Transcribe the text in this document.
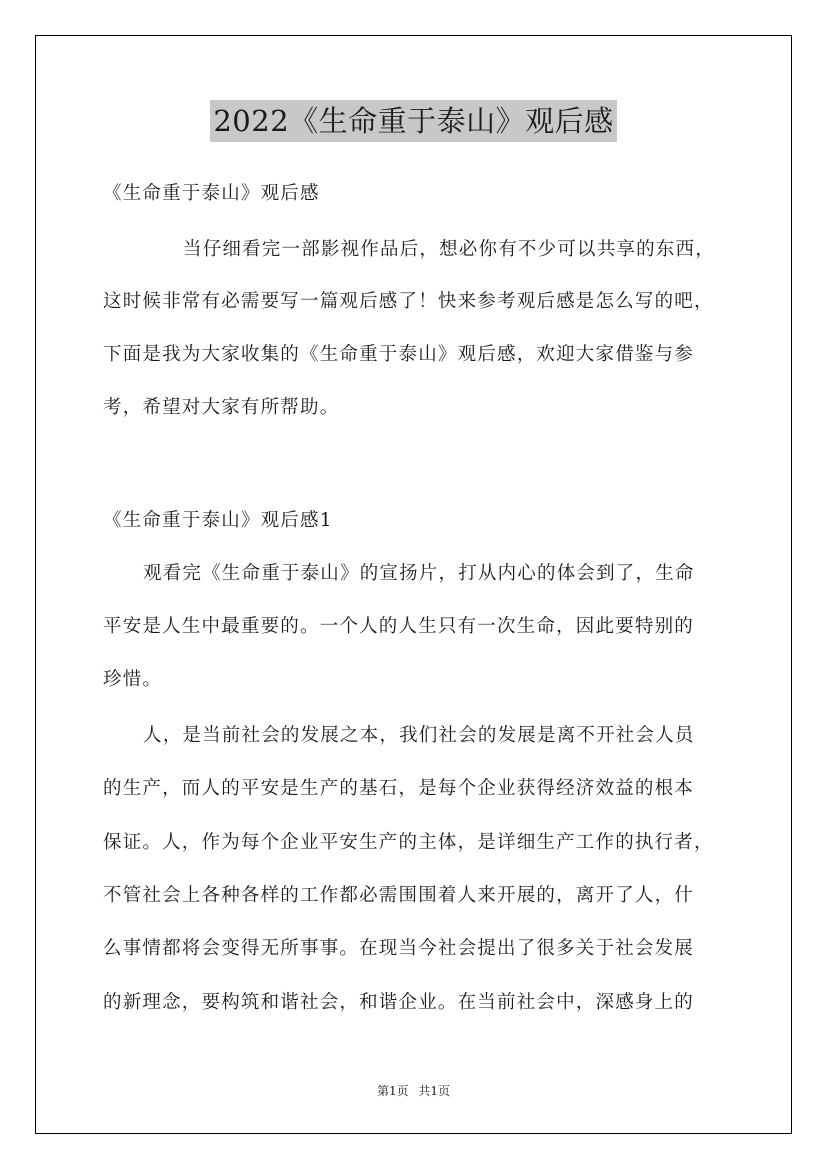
2022《生命重于泰山》观后感
《生命重于泰山》观后感
当仔细看完一部影视作品后，想必你有不少可以共享的东西，
这时候非常有必需要写一篇观后感了！快来参考观后感是怎么写的吧，
下面是我为大家收集的《生命重于泰山》观后感，欢迎大家借鉴与参
考，希望对大家有所帮助。
《生命重于泰山》观后感1
观看完《生命重于泰山》的宣扬片，打从内心的体会到了，生命
平安是人生中最重要的。一个人的人生只有一次生命，因此要特别的
珍惜。
人，是当前社会的发展之本，我们社会的发展是离不开社会人员
的生产，而人的平安是生产的基石，是每个企业获得经济效益的根本
保证。人，作为每个企业平安生产的主体，是详细生产工作的执行者，
不管社会上各种各样的工作都必需围围着人来开展的，离开了人，什
么事情都将会变得无所事事。在现当今社会提出了很多关于社会发展
的新理念，要构筑和谐社会，和谐企业。在当前社会中，深感身上的
第1页 共1页
